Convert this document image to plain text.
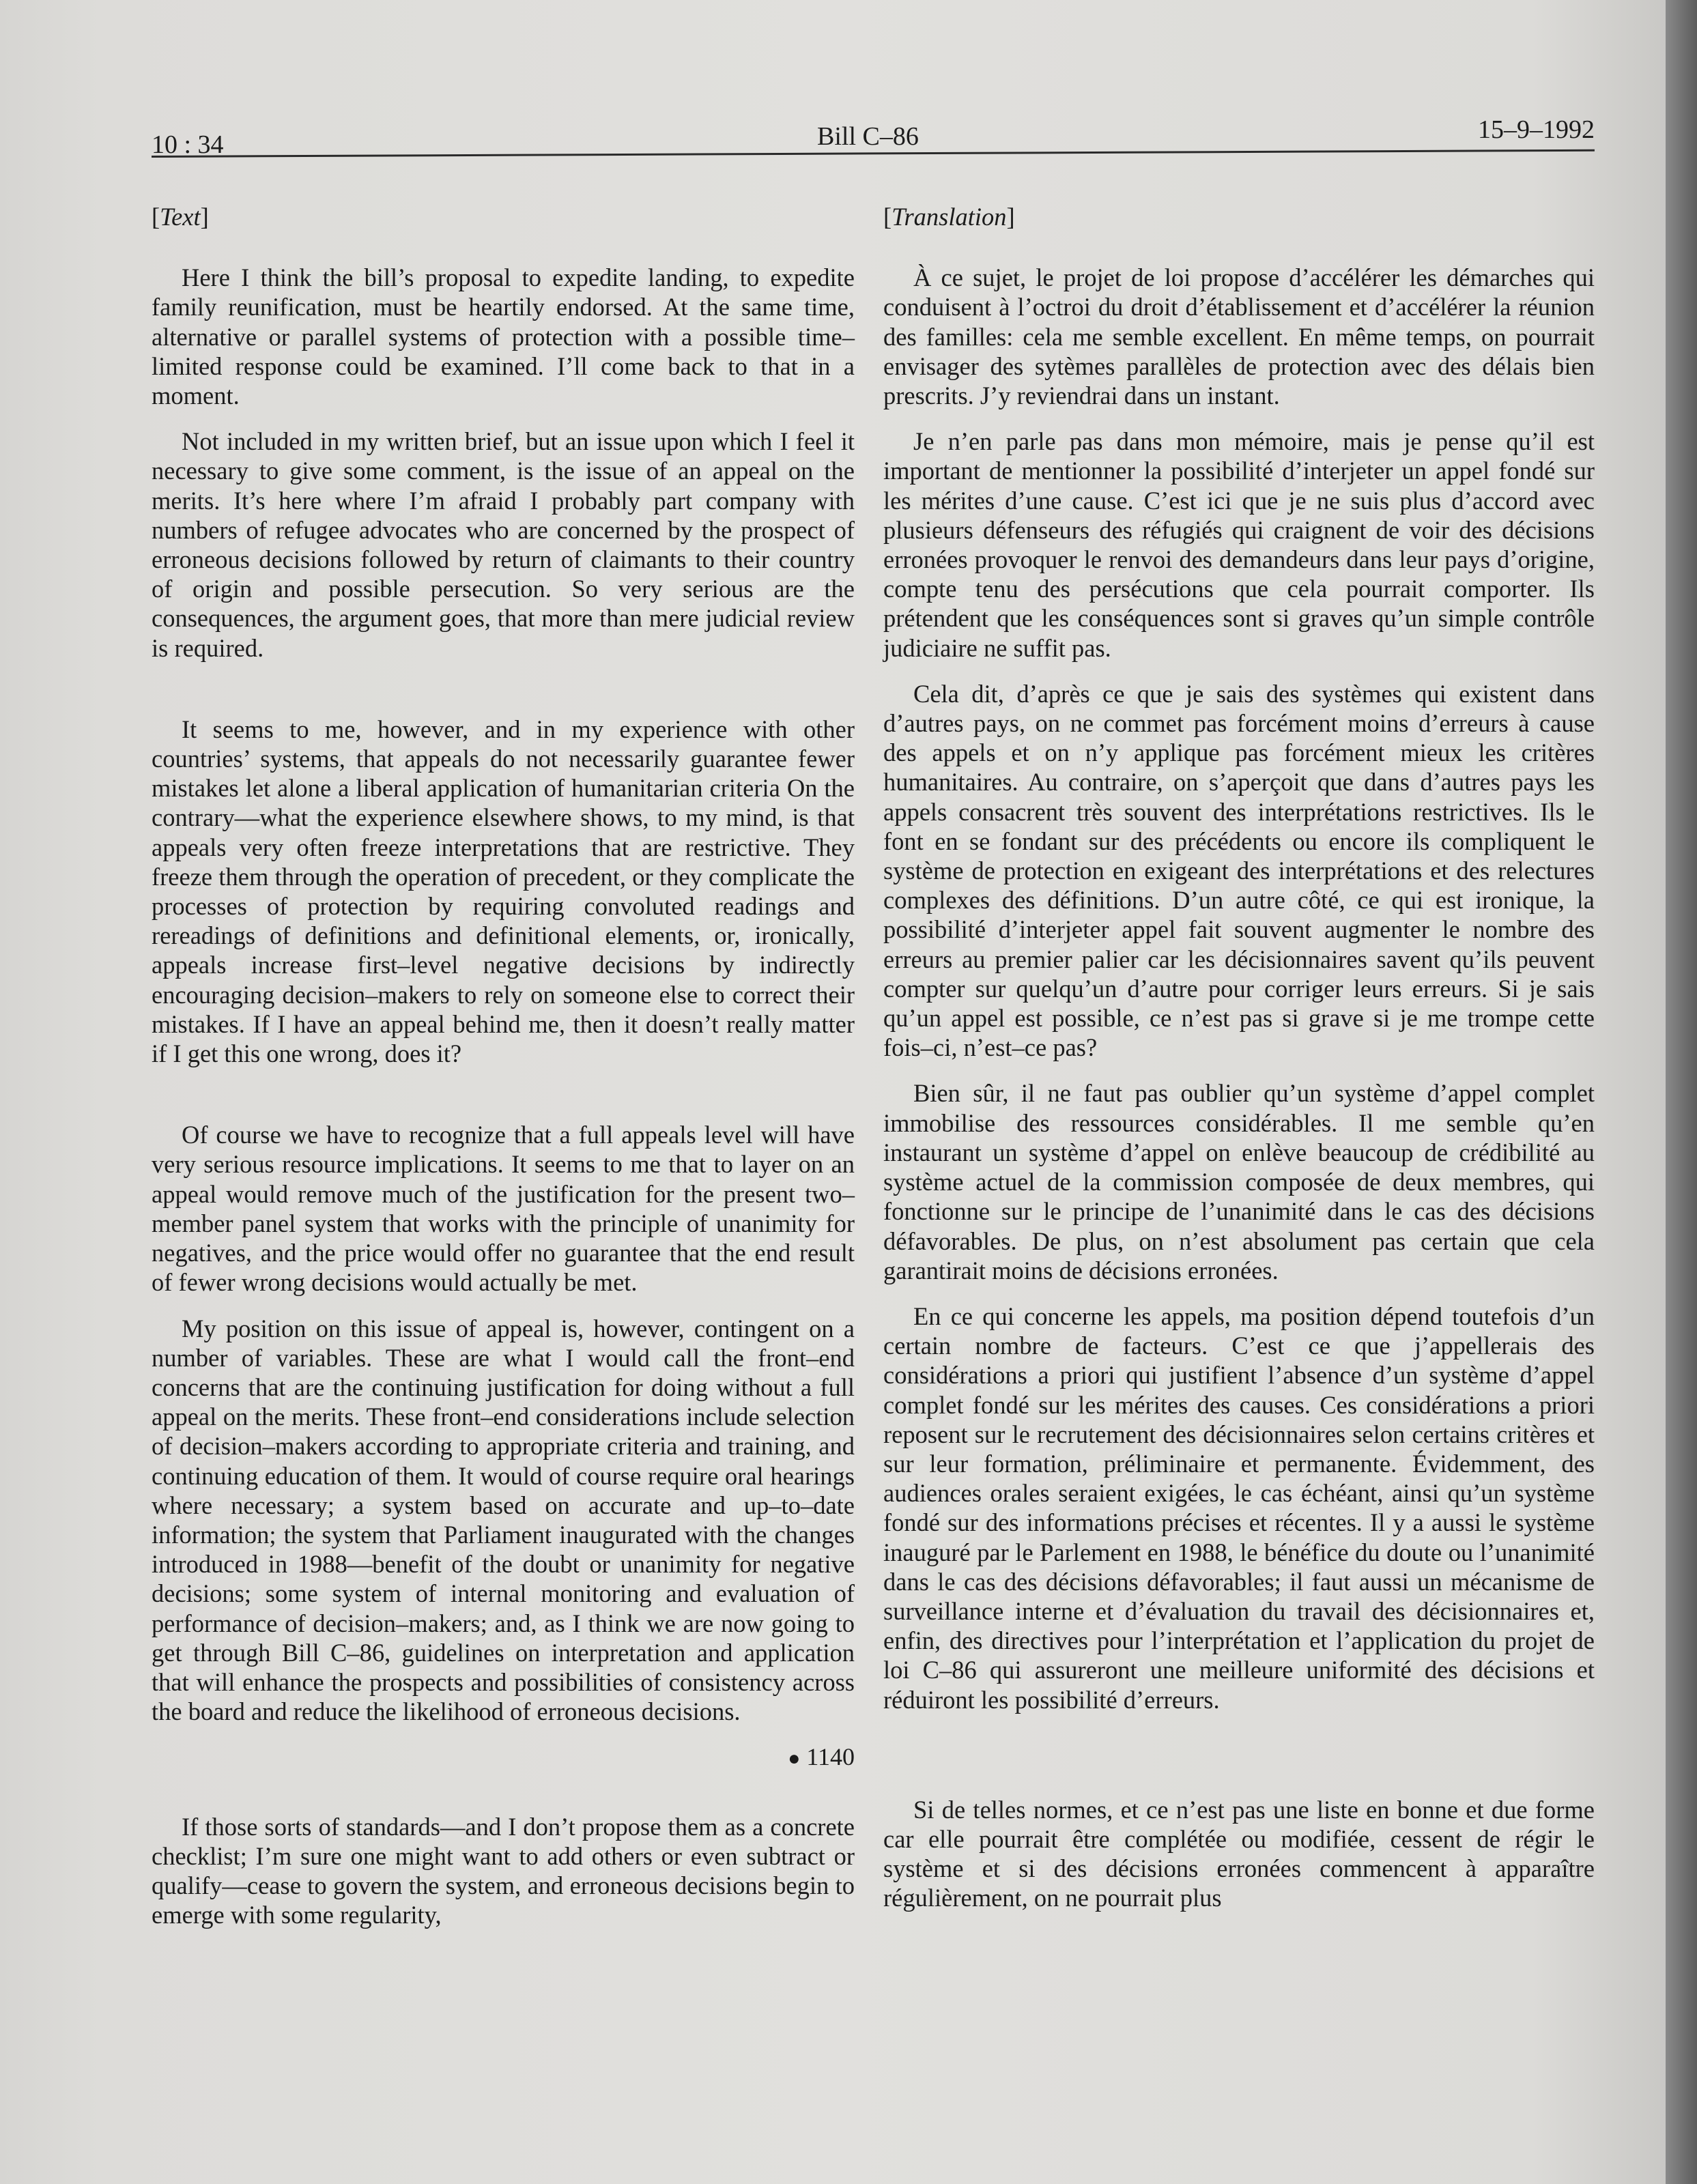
10 : 34	Bill C–86	15–9–1992
[Text]

Here I think the bill’s proposal to expedite landing, to expedite family reunification, must be heartily endorsed. At the same time, alternative or parallel systems of protection with a possible time–limited response could be examined. I’ll come back to that in a moment.

Not included in my written brief, but an issue upon which I feel it necessary to give some comment, is the issue of an appeal on the merits. It’s here where I’m afraid I probably part company with numbers of refugee advocates who are concerned by the prospect of erroneous decisions followed by return of claimants to their country of origin and possible persecution. So very serious are the consequences, the argument goes, that more than mere judicial review is required.

It seems to me, however, and in my experience with other countries’ systems, that appeals do not necessarily guarantee fewer mistakes let alone a liberal application of humanitarian criteria On the contrary—what the experience elsewhere shows, to my mind, is that appeals very often freeze interpretations that are restrictive. They freeze them through the operation of precedent, or they complicate the processes of protection by requiring convoluted readings and rereadings of definitions and definitional elements, or, ironically, appeals increase first–level negative decisions by indirectly encouraging decision–makers to rely on someone else to correct their mistakes. If I have an appeal behind me, then it doesn’t really matter if I get this one wrong, does it?

Of course we have to recognize that a full appeals level will have very serious resource implications. It seems to me that to layer on an appeal would remove much of the justification for the present two–member panel system that works with the principle of unanimity for negatives, and the price would offer no guarantee that the end result of fewer wrong decisions would actually be met.

My position on this issue of appeal is, however, contingent on a number of variables. These are what I would call the front–end concerns that are the continuing justification for doing without a full appeal on the merits. These front–end considerations include selection of decision–makers according to appropriate criteria and training, and continuing education of them. It would of course require oral hearings where necessary; a system based on accurate and up–to–date information; the system that Parliament inaugurated with the changes introduced in 1988—benefit of the doubt or unanimity for negative decisions; some system of internal monitoring and evaluation of performance of decision–makers; and, as I think we are now going to get through Bill C–86, guidelines on interpretation and application that will enhance the prospects and possibilities of consistency across the board and reduce the likelihood of erroneous decisions.

● 1140

If those sorts of standards—and I don’t propose them as a concrete checklist; I’m sure one might want to add others or even subtract or qualify—cease to govern the system, and erroneous decisions begin to emerge with some regularity,

[Translation]

À ce sujet, le projet de loi propose d’accélérer les démarches qui conduisent à l’octroi du droit d’établissement et d’accélérer la réunion des familles: cela me semble excellent. En même temps, on pourrait envisager des sytèmes parallèles de protection avec des délais bien prescrits. J’y reviendrai dans un instant.

Je n’en parle pas dans mon mémoire, mais je pense qu’il est important de mentionner la possibilité d’interjeter un appel fondé sur les mérites d’une cause. C’est ici que je ne suis plus d’accord avec plusieurs défenseurs des réfugiés qui craignent de voir des décisions erronées provoquer le renvoi des demandeurs dans leur pays d’origine, compte tenu des persécutions que cela pourrait comporter. Ils prétendent que les conséquences sont si graves qu’un simple contrôle judiciaire ne suffit pas.

Cela dit, d’après ce que je sais des systèmes qui existent dans d’autres pays, on ne commet pas forcément moins d’erreurs à cause des appels et on n’y applique pas forcément mieux les critères humanitaires. Au contraire, on s’aperçoit que dans d’autres pays les appels consacrent très souvent des interprétations restrictives. Ils le font en se fondant sur des précédents ou encore ils compliquent le système de protection en exigeant des interprétations et des relectures complexes des définitions. D’un autre côté, ce qui est ironique, la possibilité d’interjeter appel fait souvent augmenter le nombre des erreurs au premier palier car les décisionnaires savent qu’ils peuvent compter sur quelqu’un d’autre pour corriger leurs erreurs. Si je sais qu’un appel est possible, ce n’est pas si grave si je me trompe cette fois–ci, n’est–ce pas?

Bien sûr, il ne faut pas oublier qu’un système d’appel complet immobilise des ressources considérables. Il me semble qu’en instaurant un système d’appel on enlève beaucoup de crédibilité au système actuel de la commission composée de deux membres, qui fonctionne sur le principe de l’unanimité dans le cas des décisions défavorables. De plus, on n’est absolument pas certain que cela garantirait moins de décisions erronées.

En ce qui concerne les appels, ma position dépend toutefois d’un certain nombre de facteurs. C’est ce que j’appellerais des considérations a priori qui justifient l’absence d’un système d’appel complet fondé sur les mérites des causes. Ces considérations a priori reposent sur le recrutement des décisionnaires selon certains critères et sur leur formation, préliminaire et permanente. Évidemment, des audiences orales seraient exigées, le cas échéant, ainsi qu’un système fondé sur des informations précises et récentes. Il y a aussi le système inauguré par le Parlement en 1988, le bénéfice du doute ou l’unanimité dans le cas des décisions défavorables; il faut aussi un mécanisme de surveillance interne et d’évaluation du travail des décisionnaires et, enfin, des directives pour l’interprétation et l’application du projet de loi C–86 qui assureront une meilleure uniformité des décisions et réduiront les possibilité d’erreurs.

Si de telles normes, et ce n’est pas une liste en bonne et due forme car elle pourrait être complétée ou modifiée, cessent de régir le système et si des décisions erronées commencent à apparaître régulièrement, on ne pourrait plus
